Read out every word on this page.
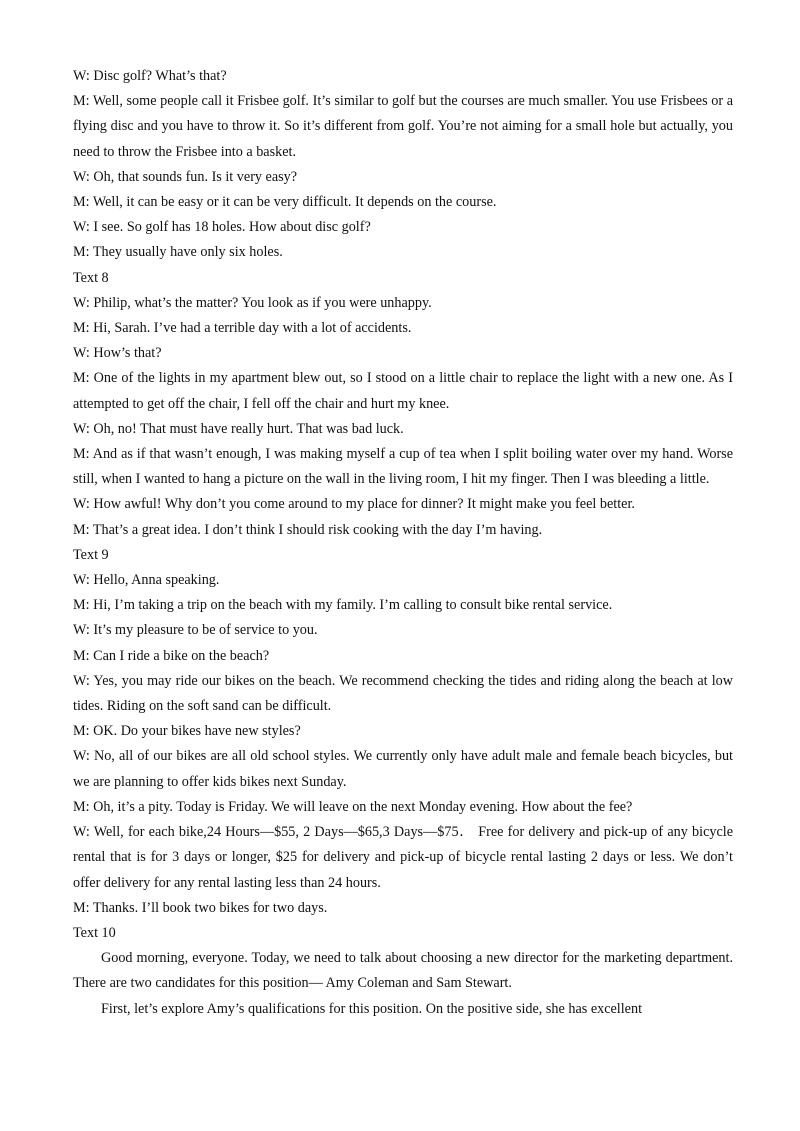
W: Disc golf? What’s that?

M: Well, some people call it Frisbee golf. It’s similar to golf but the courses are much smaller. You use Frisbees or a flying disc and you have to throw it. So it’s different from golf. You’re not aiming for a small hole but actually, you need to throw the Frisbee into a basket.

W: Oh, that sounds fun. Is it very easy?

M: Well, it can be easy or it can be very difficult. It depends on the course.

W: I see. So golf has 18 holes. How about disc golf?

M: They usually have only six holes.

Text 8

W: Philip, what’s the matter? You look as if you were unhappy.

M: Hi, Sarah. I’ve had a terrible day with a lot of accidents.

W: How’s that?

M: One of the lights in my apartment blew out, so I stood on a little chair to replace the light with a new one. As I attempted to get off the chair, I fell off the chair and hurt my knee.

W: Oh, no! That must have really hurt. That was bad luck.

M: And as if that wasn’t enough, I was making myself a cup of tea when I split boiling water over my hand. Worse still, when I wanted to hang a picture on the wall in the living room, I hit my finger. Then I was bleeding a little.

W: How awful! Why don’t you come around to my place for dinner? It might make you feel better.

M: That’s a great idea. I don’t think I should risk cooking with the day I’m having.

Text 9

W: Hello, Anna speaking.

M: Hi, I’m taking a trip on the beach with my family. I’m calling to consult bike rental service.

W: It’s my pleasure to be of service to you.

M: Can I ride a bike on the beach?

W: Yes, you may ride our bikes on the beach. We recommend checking the tides and riding along the beach at low tides. Riding on the soft sand can be difficult.

M: OK. Do your bikes have new styles?

W: No, all of our bikes are all old school styles. We currently only have adult male and female beach bicycles, but we are planning to offer kids bikes next Sunday.

M: Oh, it’s a pity. Today is Friday. We will leave on the next Monday evening. How about the fee?

W: Well, for each bike,24 Hours—$55, 2 Days—$65,3 Days—$75． Free for delivery and pick-up of any bicycle rental that is for 3 days or longer, $25 for delivery and pick-up of bicycle rental lasting 2 days or less. We don’t offer delivery for any rental lasting less than 24 hours.

M: Thanks. I’ll book two bikes for two days.

Text 10

Good morning, everyone. Today, we need to talk about choosing a new director for the marketing department. There are two candidates for this position— Amy Coleman and Sam Stewart.

First, let’s explore Amy’s qualifications for this position. On the positive side, she has excellent
